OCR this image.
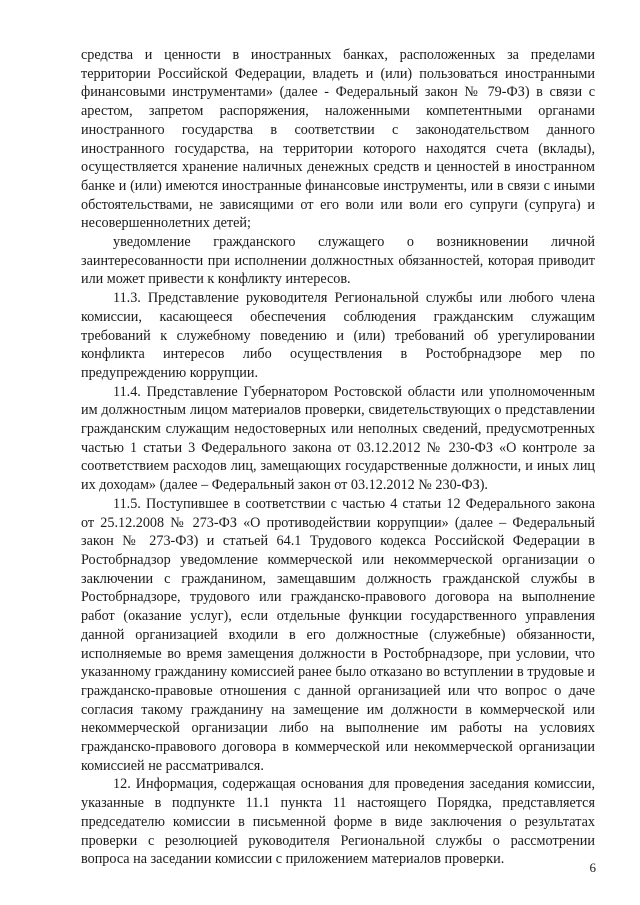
средства и ценности в иностранных банках, расположенных за пределами территории Российской Федерации, владеть и (или) пользоваться иностранными финансовыми инструментами» (далее - Федеральный закон № 79-ФЗ) в связи с арестом, запретом распоряжения, наложенными компетентными органами иностранного государства в соответствии с законодательством данного иностранного государства, на территории которого находятся счета (вклады), осуществляется хранение наличных денежных средств и ценностей в иностранном банке и (или) имеются иностранные финансовые инструменты, или в связи с иными обстоятельствами, не зависящими от его воли или воли его супруги (супруга) и несовершеннолетних детей;

уведомление гражданского служащего о возникновении личной заинтересованности при исполнении должностных обязанностей, которая приводит или может привести к конфликту интересов.

11.3. Представление руководителя Региональной службы или любого члена комиссии, касающееся обеспечения соблюдения гражданским служащим требований к служебному поведению и (или) требований об урегулировании конфликта интересов либо осуществления в Ростобрнадзоре мер по предупреждению коррупции.

11.4. Представление Губернатором Ростовской области или уполномоченным им должностным лицом материалов проверки, свидетельствующих о представлении гражданским служащим недостоверных или неполных сведений, предусмотренных частью 1 статьи 3 Федерального закона от 03.12.2012 № 230-ФЗ «О контроле за соответствием расходов лиц, замещающих государственные должности, и иных лиц их доходам» (далее – Федеральный закон от 03.12.2012 № 230-ФЗ).

11.5. Поступившее в соответствии с частью 4 статьи 12 Федерального закона от 25.12.2008 № 273-ФЗ «О противодействии коррупции» (далее – Федеральный закон № 273-ФЗ) и статьей 64.1 Трудового кодекса Российской Федерации в Ростобрнадзор уведомление коммерческой или некоммерческой организации о заключении с гражданином, замещавшим должность гражданской службы в Ростобрнадзоре, трудового или гражданско-правового договора на выполнение работ (оказание услуг), если отдельные функции государственного управления данной организацией входили в его должностные (служебные) обязанности, исполняемые во время замещения должности в Ростобрнадзоре, при условии, что указанному гражданину комиссией ранее было отказано во вступлении в трудовые и гражданско-правовые отношения с данной организацией или что вопрос о даче согласия такому гражданину на замещение им должности в коммерческой или некоммерческой организации либо на выполнение им работы на условиях гражданско-правового договора в коммерческой или некоммерческой организации комиссией не рассматривался.

12. Информация, содержащая основания для проведения заседания комиссии, указанные в подпункте 11.1 пункта 11 настоящего Порядка, представляется председателю комиссии в письменной форме в виде заключения о результатах проверки с резолюцией руководителя Региональной службы о рассмотрении вопроса на заседании комиссии с приложением материалов проверки.

6
